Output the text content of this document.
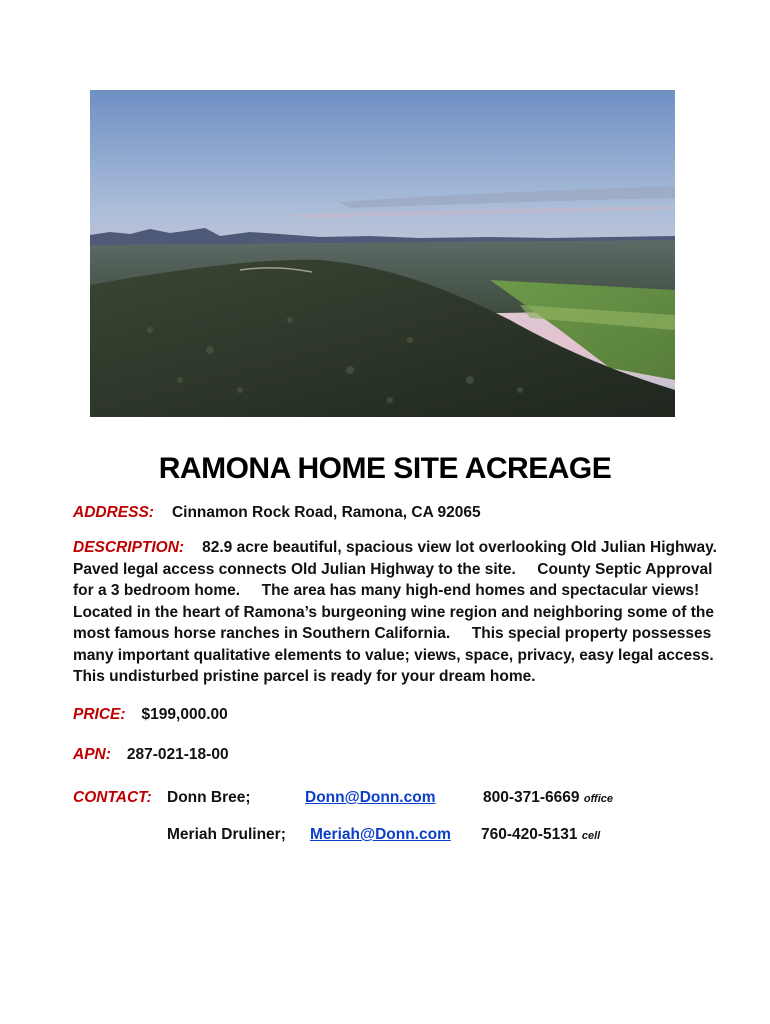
RAMONA HOME SITE ACREAGE
ADDRESS: Cinnamon Rock Road, Ramona, CA 92065
DESCRIPTION: 82.9 acre beautiful, spacious view lot overlooking Old Julian Highway.
Paved legal access connects Old Julian Highway to the site.     County Septic Approval
for a 3 bedroom home.     The area has many high-end homes and spectacular views!
Located in the heart of Ramona’s burgeoning wine region and neighboring some of the
most famous horse ranches in Southern California.     This special property possesses
many important qualitative elements to value; views, space, privacy, easy legal access.
This undisturbed pristine parcel is ready for your dream home.
PRICE: $199,000.00
APN: 287-021-18-00
CONTACT: Donn Bree;	Donn@Donn.com	800-371-6669 office
Meriah Druliner; Meriah@Donn.com 760-420-5131 cell
